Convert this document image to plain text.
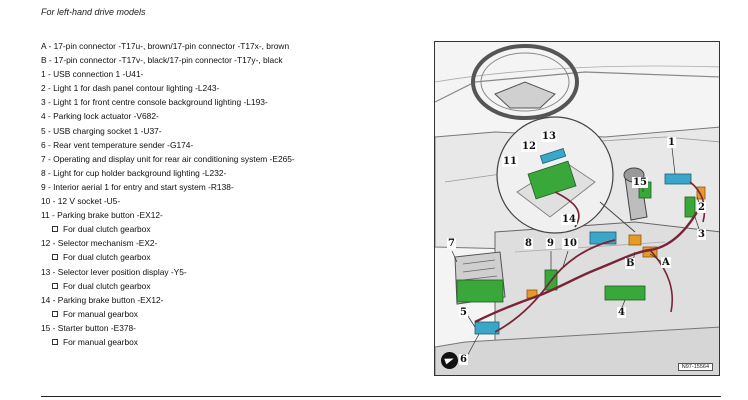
For left-hand drive models
A - 17-pin connector -T17u-, brown/17-pin connector -T17x-, brown
B - 17-pin connector -T17v-, black/17-pin connector -T17y-, black
1 - USB connection 1 -U41-
2 - Light 1 for dash panel contour lighting -L243-
3 - Light 1 for front centre console background lighting -L193-
4 - Parking lock actuator -V682-
5 - USB charging socket 1 -U37-
6 - Rear vent temperature sender -G174-
7 - Operating and display unit for rear air conditioning system -E265-
8 - Light for cup holder background lighting -L232-
9 - Interior aerial 1 for entry and start system -R138-
10 - 12 V socket -U5-
11 - Parking brake button -EX12-
For dual clutch gearbox
12 - Selector mechanism -EX2-
For dual clutch gearbox
13 - Selector lever position display -Y5-
For dual clutch gearbox
14 - Parking brake button -EX12-
For manual gearbox
15 - Starter button -E378-
For manual gearbox
1
2
3
4
5
6
7	8 9 10
11
12
13
14
15
A
B
N97-15564
